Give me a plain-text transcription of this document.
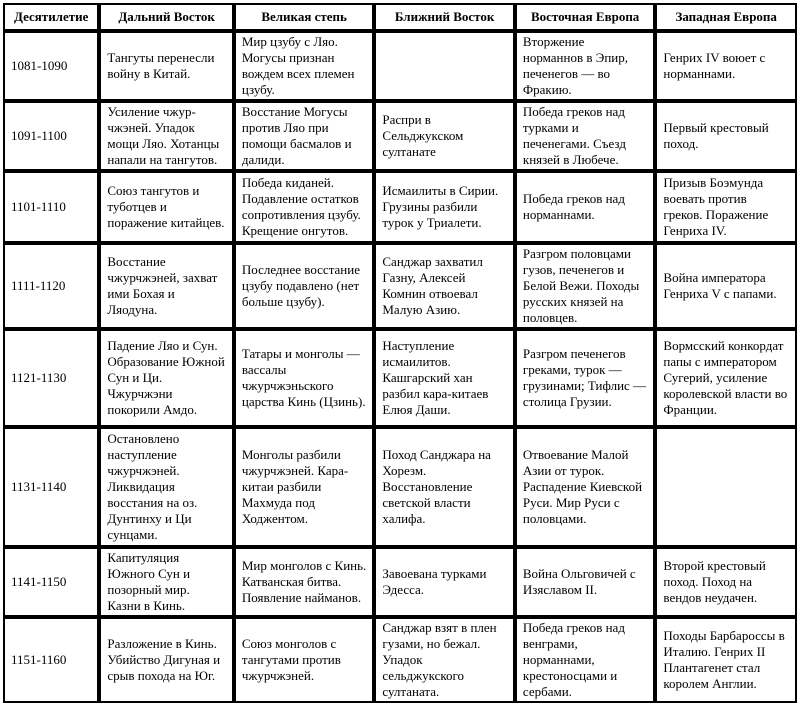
Десятилетие	Дальний Восток	Великая степь	Ближний Восток	Восточная Европа	Западная Европа
1081-1090	Тангуты перенесли войну в Китай.	Мир цзубу с Ляо. Могусы признан вождем всех племен цзубу.		Вторжение норманнов в Эпир, печенегов — во Фракию.	Генрих IV воюет с норманнами.
1091-1100	Усиление чжур-чжэней. Упадок мощи Ляо. Хотанцы напали на тангутов.	Восстание Могусы против Ляо при помощи басмалов и далиди.	Распри в Сельджукском султанате	Победа греков над турками и печенегами. Съезд князей в Любече.	Первый крестовый поход.
1101-1110	Союз тангутов и туботцев и поражение китайцев.	Победа киданей. Подавление остатков сопротивления цзубу. Крещение онгутов.	Исмаилиты в Сирии. Грузины разбили турок у Триалети.	Победа греков над норманнами.	Призыв Боэмунда воевать против греков. Поражение Генриха IV.
1111-1120	Восстание чжурчжэней, захват ими Бохая и Ляодуна.	Последнее восстание цзубу подавлено (нет больше цзубу).	Санджар захватил Газну, Алексей Комнин отвоевал Малую Азию.	Разгром половцами гузов, печенегов и Белой Вежи. Походы русских князей на половцев.	Война императора Генриха V с папами.
1121-1130	Падение Ляо и Сун. Образование Южной Сун и Ци. Чжурчжэни покорили Амдо.	Татары и монголы — вассалы чжурчжэньского царства Кинь (Цзинь).	Наступление исмаилитов. Кашгарский хан разбил кара-китаев Елюя Даши.	Разгром печенегов греками, турок — грузинами; Тифлис — столица Грузии.	Вормсский конкордат папы с императором Сугерий, усиление королевской власти во Франции.
1131-1140	Остановлено наступление чжурчжэней. Ликвидация восстания на оз. Дунтинху и Ци сунцами.	Монголы разбили чжурчжэней. Кара-китаи разбили Махмуда под Ходжентом.	Поход Санджара на Хорезм. Восстановление светской власти халифа.	Отвоевание Малой Азии от турок. Распадение Киевской Руси. Мир Руси с половцами.	
1141-1150	Капитуляция Южного Сун и позорный мир. Казни в Кинь.	Мир монголов с Кинь. Катванская битва. Появление найманов.	Завоевана турками Эдесса.	Война Ольговичей с Изяславом II.	Второй крестовый поход. Поход на вендов неудачен.
1151-1160	Разложение в Кинь. Убийство Дигуная и срыв похода на Юг.	Союз монголов с тангутами против чжурчжэней.	Санджар взят в плен гузами, но бежал. Упадок сельджукского султаната.	Победа греков над венграми, норманнами, крестоносцами и сербами.	Походы Барбароссы в Италию. Генрих II Плантагенет стал королем Англии.
